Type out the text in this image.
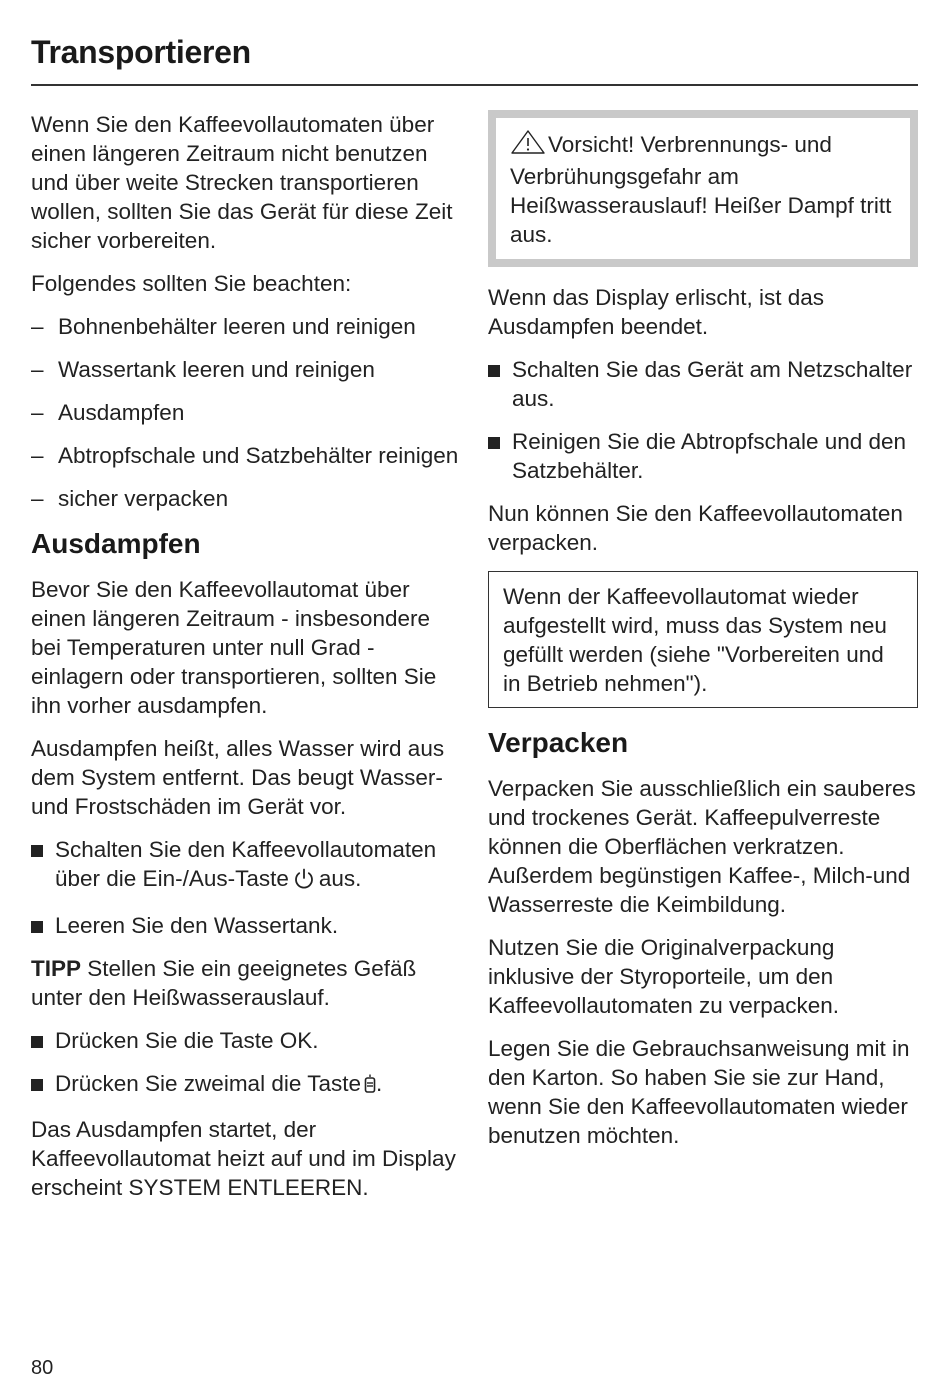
Transportieren

Wenn Sie den Kaffeevollautomaten über einen längeren Zeitraum nicht benutzen und über weite Strecken transportieren wollen, sollten Sie das Gerät für diese Zeit sicher vorbereiten.

Folgendes sollten Sie beachten:

– Bohnenbehälter leeren und reinigen
– Wassertank leeren und reinigen
– Ausdampfen
– Abtropfschale und Satzbehälter reinigen
– sicher verpacken
Ausdampfen

Bevor Sie den Kaffeevollautomat über einen längeren Zeitraum - insbesondere bei Temperaturen unter null Grad - einlagern oder transportieren, sollten Sie ihn vorher ausdampfen.

Ausdampfen heißt, alles Wasser wird aus dem System entfernt. Das beugt Wasser- und Frostschäden im Gerät vor.

Schalten Sie den Kaffeevollautomaten über die Ein-/Aus-Taste aus.
Leeren Sie den Wassertank.

TIPP Stellen Sie ein geeignetes Gefäß unter den Heißwasserauslauf.

Drücken Sie die Taste OK.
Drücken Sie zweimal die Taste .

Das Ausdampfen startet, der Kaffeevollautomat heizt auf und im Display erscheint SYSTEM ENTLEEREN.

Vorsicht! Verbrennungs- und Verbrühungsgefahr am Heißwasserauslauf! Heißer Dampf tritt aus.

Wenn das Display erlischt, ist das Ausdampfen beendet.

Schalten Sie das Gerät am Netzschalter aus.
Reinigen Sie die Abtropfschale und den Satzbehälter.

Nun können Sie den Kaffeevollautomaten verpacken.

Wenn der Kaffeevollautomat wieder aufgestellt wird, muss das System neu gefüllt werden (siehe "Vorbereiten und in Betrieb nehmen").
Verpacken

Verpacken Sie ausschließlich ein sauberes und trockenes Gerät. Kaffeepulverreste können die Oberflächen verkratzen. Außerdem begünstigen Kaffee-, Milch-und Wasserreste die Keimbildung.

Nutzen Sie die Originalverpackung inklusive der Styroporteile, um den Kaffeevollautomaten zu verpacken.

Legen Sie die Gebrauchsanweisung mit in den Karton. So haben Sie sie zur Hand, wenn Sie den Kaffeevollautomaten wieder benutzen möchten.

80
